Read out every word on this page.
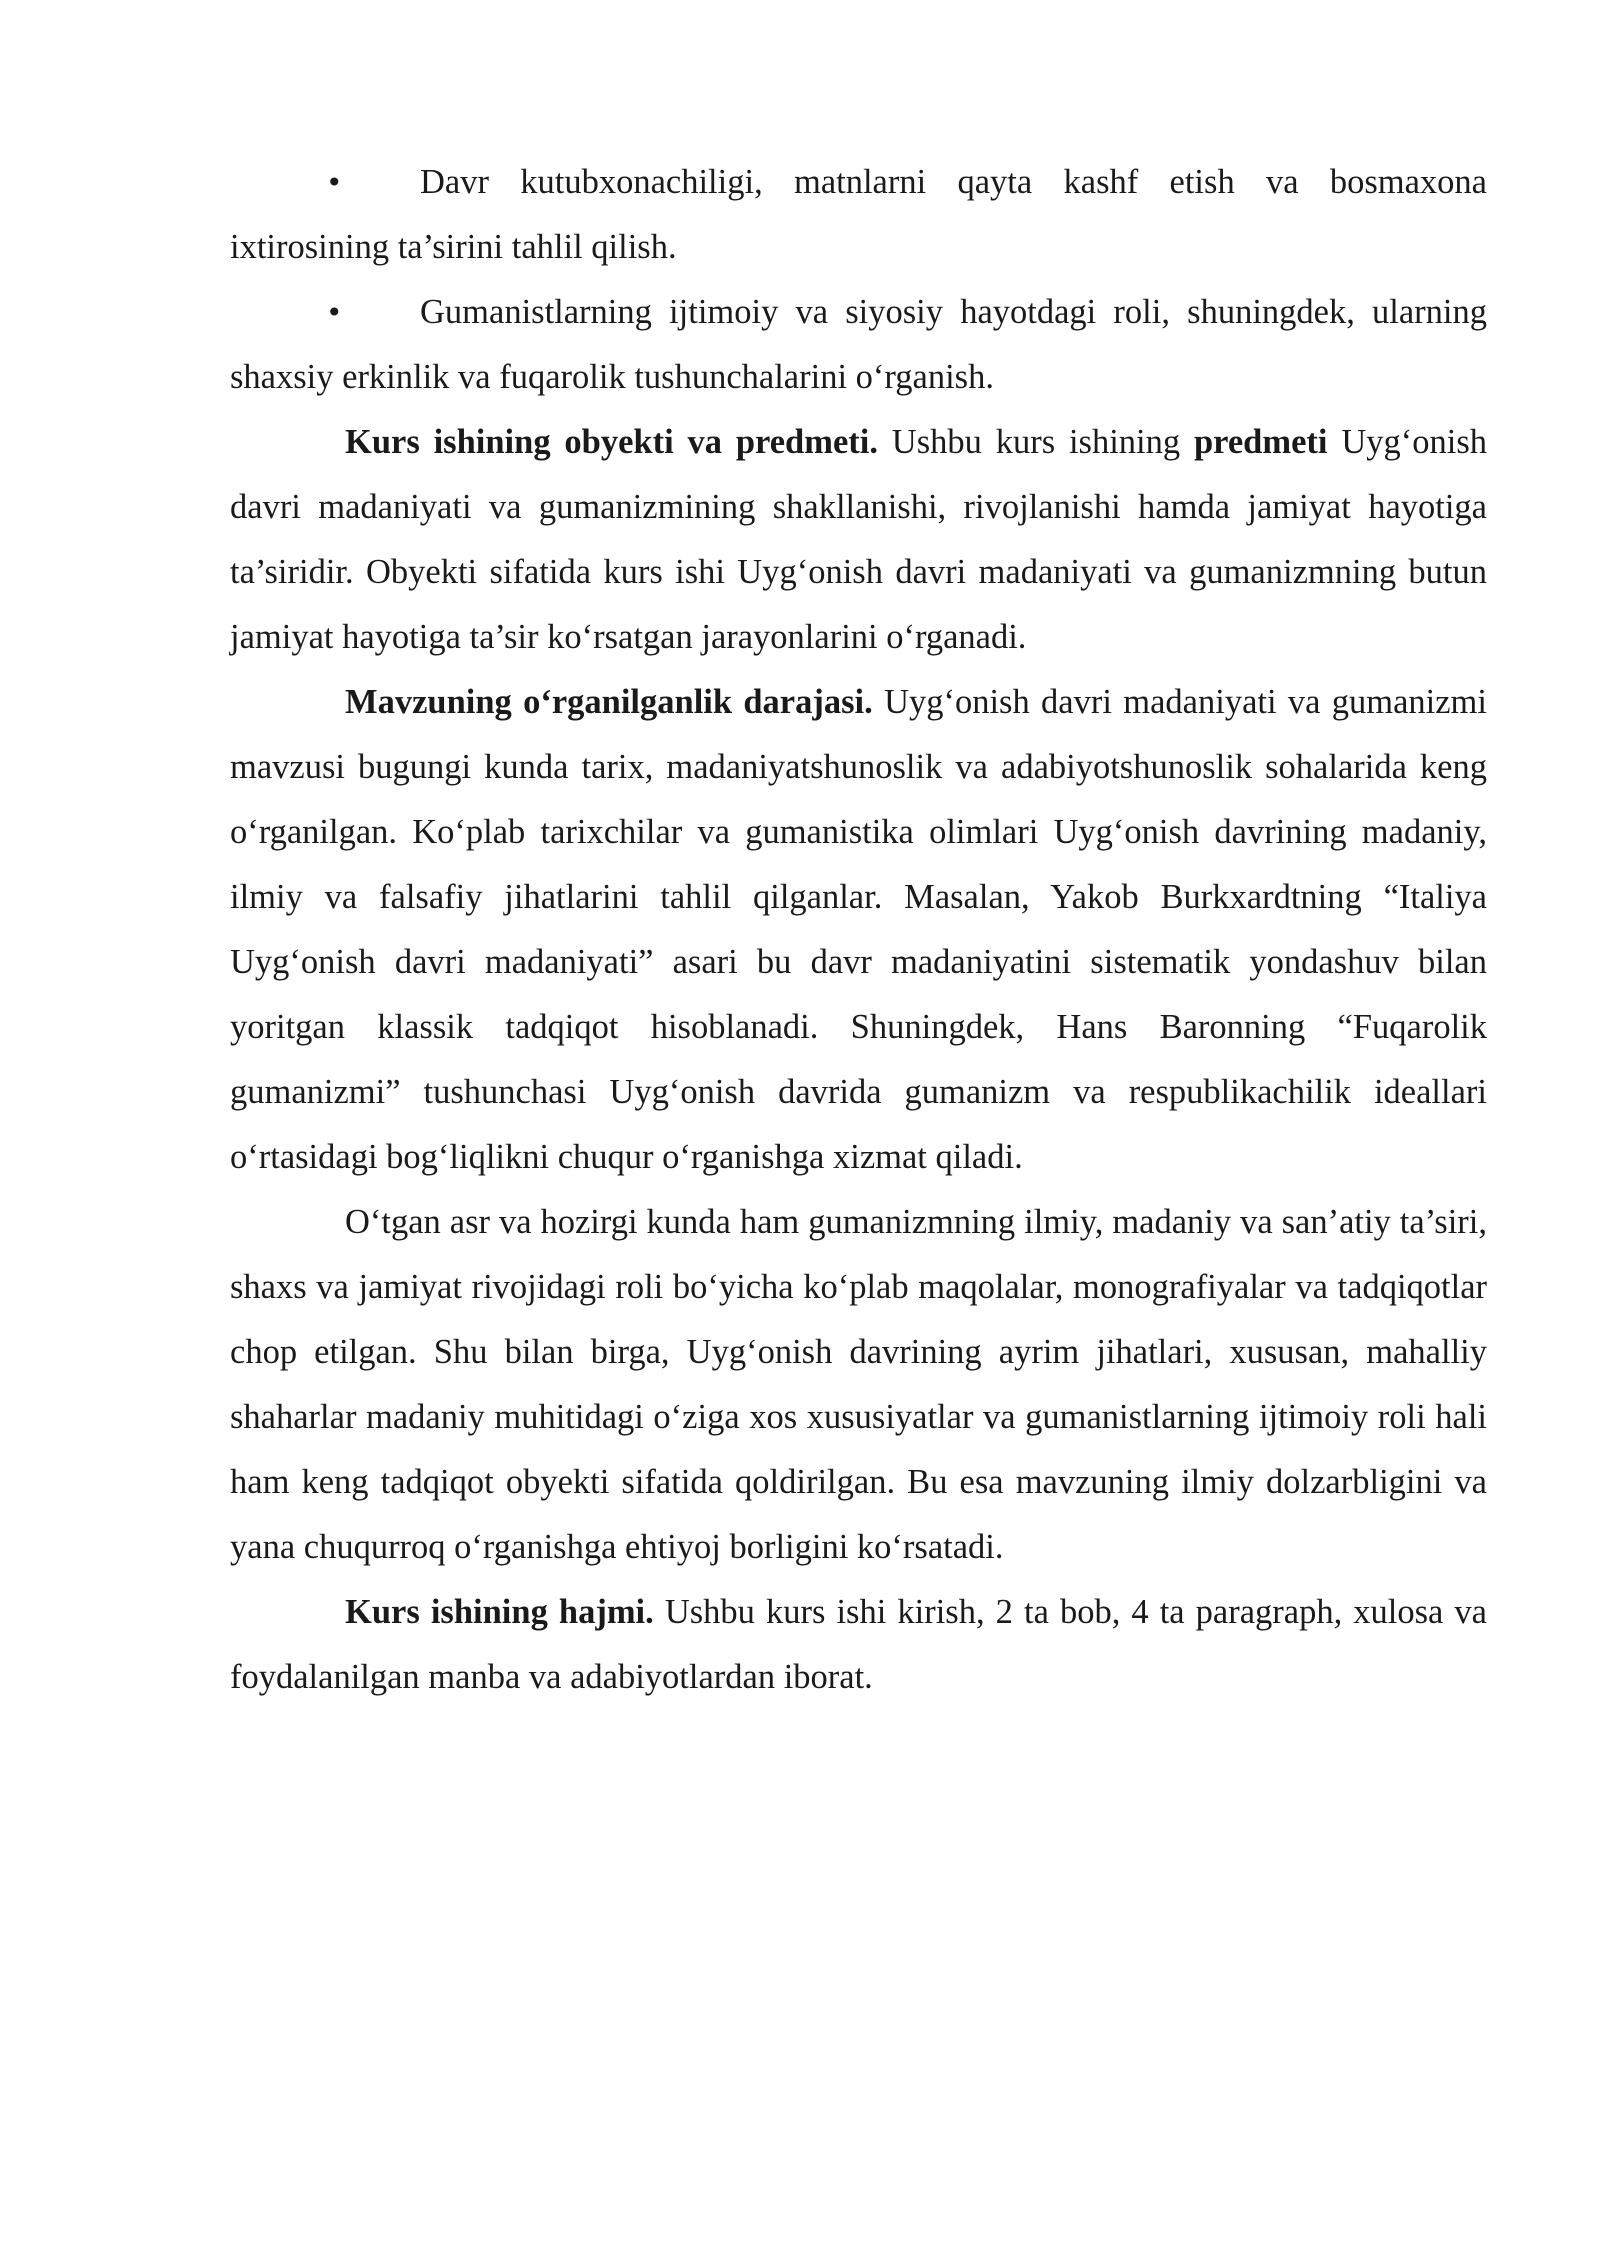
• Davr kutubxonachiligi, matnlarni qayta kashf etish va bosmaxona ixtirosining ta’sirini tahlil qilish.

• Gumanistlarning ijtimoiy va siyosiy hayotdagi roli, shuningdek, ularning shaxsiy erkinlik va fuqarolik tushunchalarini o‘rganish.

Kurs ishining obyekti va predmeti. Ushbu kurs ishining predmeti Uyg‘onish davri madaniyati va gumanizmining shakllanishi, rivojlanishi hamda jamiyat hayotiga ta’siridir. Obyekti sifatida kurs ishi Uyg‘onish davri madaniyati va gumanizmning butun jamiyat hayotiga ta’sir ko‘rsatgan jarayonlarini o‘rganadi.

Mavzuning o‘rganilganlik darajasi. Uyg‘onish davri madaniyati va gumanizmi mavzusi bugungi kunda tarix, madaniyatshunoslik va adabiyotshunoslik sohalarida keng o‘rganilgan. Ko‘plab tarixchilar va gumanistika olimlari Uyg‘onish davrining madaniy, ilmiy va falsafiy jihatlarini tahlil qilganlar. Masalan, Yakob Burkxardtning “Italiya Uyg‘onish davri madaniyati” asari bu davr madaniyatini sistematik yondashuv bilan yoritgan klassik tadqiqot hisoblanadi. Shuningdek, Hans Baronning “Fuqarolik gumanizmi” tushunchasi Uyg‘onish davrida gumanizm va respublikachilik ideallari o‘rtasidagi bog‘liqlikni chuqur o‘rganishga xizmat qiladi.

O‘tgan asr va hozirgi kunda ham gumanizmning ilmiy, madaniy va san’atiy ta’siri, shaxs va jamiyat rivojidagi roli bo‘yicha ko‘plab maqolalar, monografiyalar va tadqiqotlar chop etilgan. Shu bilan birga, Uyg‘onish davrining ayrim jihatlari, xususan, mahalliy shaharlar madaniy muhitidagi o‘ziga xos xususiyatlar va gumanistlarning ijtimoiy roli hali ham keng tadqiqot obyekti sifatida qoldirilgan. Bu esa mavzuning ilmiy dolzarbligini va yana chuqurroq o‘rganishga ehtiyoj borligini ko‘rsatadi.

Kurs ishining hajmi. Ushbu kurs ishi kirish, 2 ta bob, 4 ta paragraph, xulosa va foydalanilgan manba va adabiyotlardan iborat.
